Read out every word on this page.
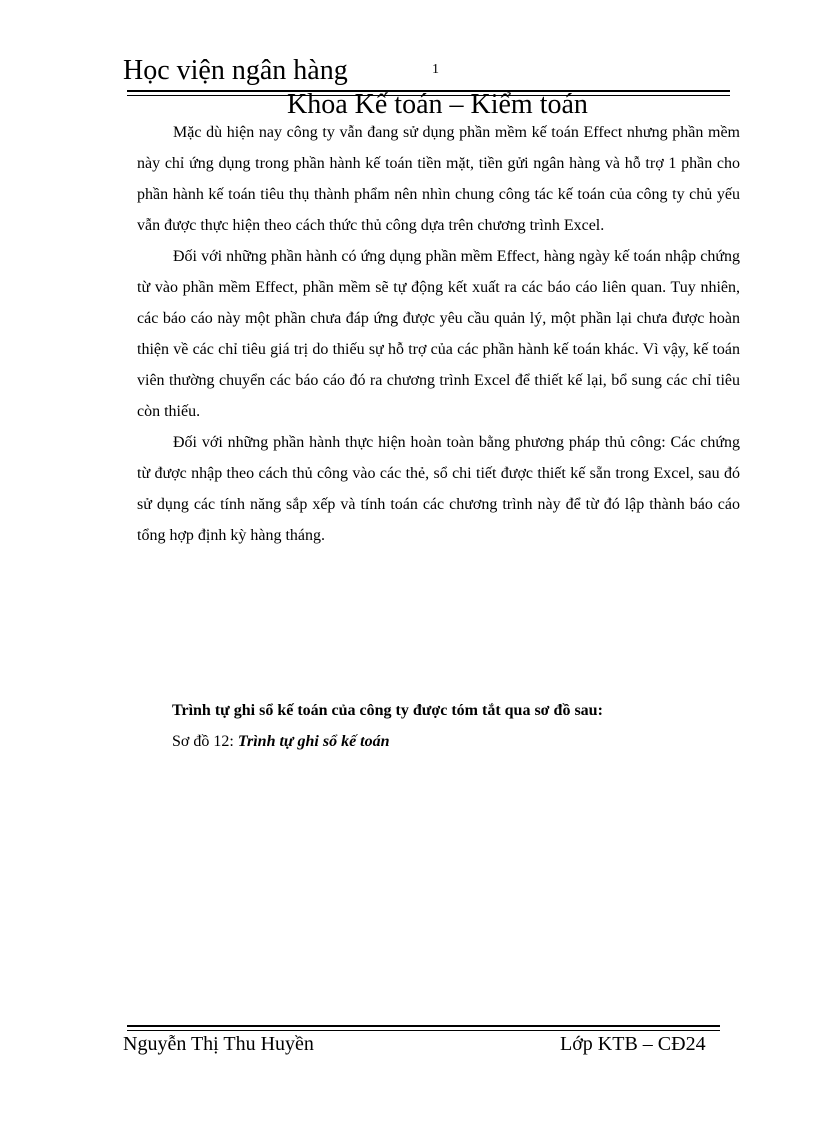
Học viện ngân hàng	1
Khoa Kế toán – Kiểm toán

Mặc dù hiện nay công ty vẫn đang sử dụng phần mềm kế toán Effect nhưng phần mềm này chỉ ứng dụng trong phần hành kế toán tiền mặt, tiền gửi ngân hàng và hỗ trợ 1 phần cho phần hành kế toán tiêu thụ thành phẩm nên nhìn chung công tác kế toán của công ty chủ yếu vẫn được thực hiện theo cách thức thủ công dựa trên chương trình Excel.

Đối với những phần hành có ứng dụng phần mềm Effect, hàng ngày kế toán nhập chứng từ vào phần mềm Effect, phần mềm sẽ tự động kết xuất ra các báo cáo liên quan. Tuy nhiên, các báo cáo này một phần chưa đáp ứng được yêu cầu quản lý, một phần lại chưa được hoàn thiện về các chỉ tiêu giá trị do thiếu sự hỗ trợ của các phần hành kế toán khác. Vì vậy, kế toán viên thường chuyển các báo cáo đó ra chương trình Excel để thiết kế lại, bổ sung các chỉ tiêu còn thiếu.

Đối với những phần hành thực hiện hoàn toàn bằng phương pháp thủ công: Các chứng từ được nhập theo cách thủ công vào các thẻ, sổ chi tiết được thiết kế sẵn trong Excel, sau đó sử dụng các tính năng sắp xếp và tính toán các chương trình này để từ đó lập thành báo cáo tổng hợp định kỳ hàng tháng.

Trình tự ghi sổ kế toán của công ty được tóm tắt qua sơ đồ sau:
Sơ đồ 12: Trình tự ghi sổ kế toán
Nguyễn Thị Thu Huyền	Lớp KTB – CĐ24
